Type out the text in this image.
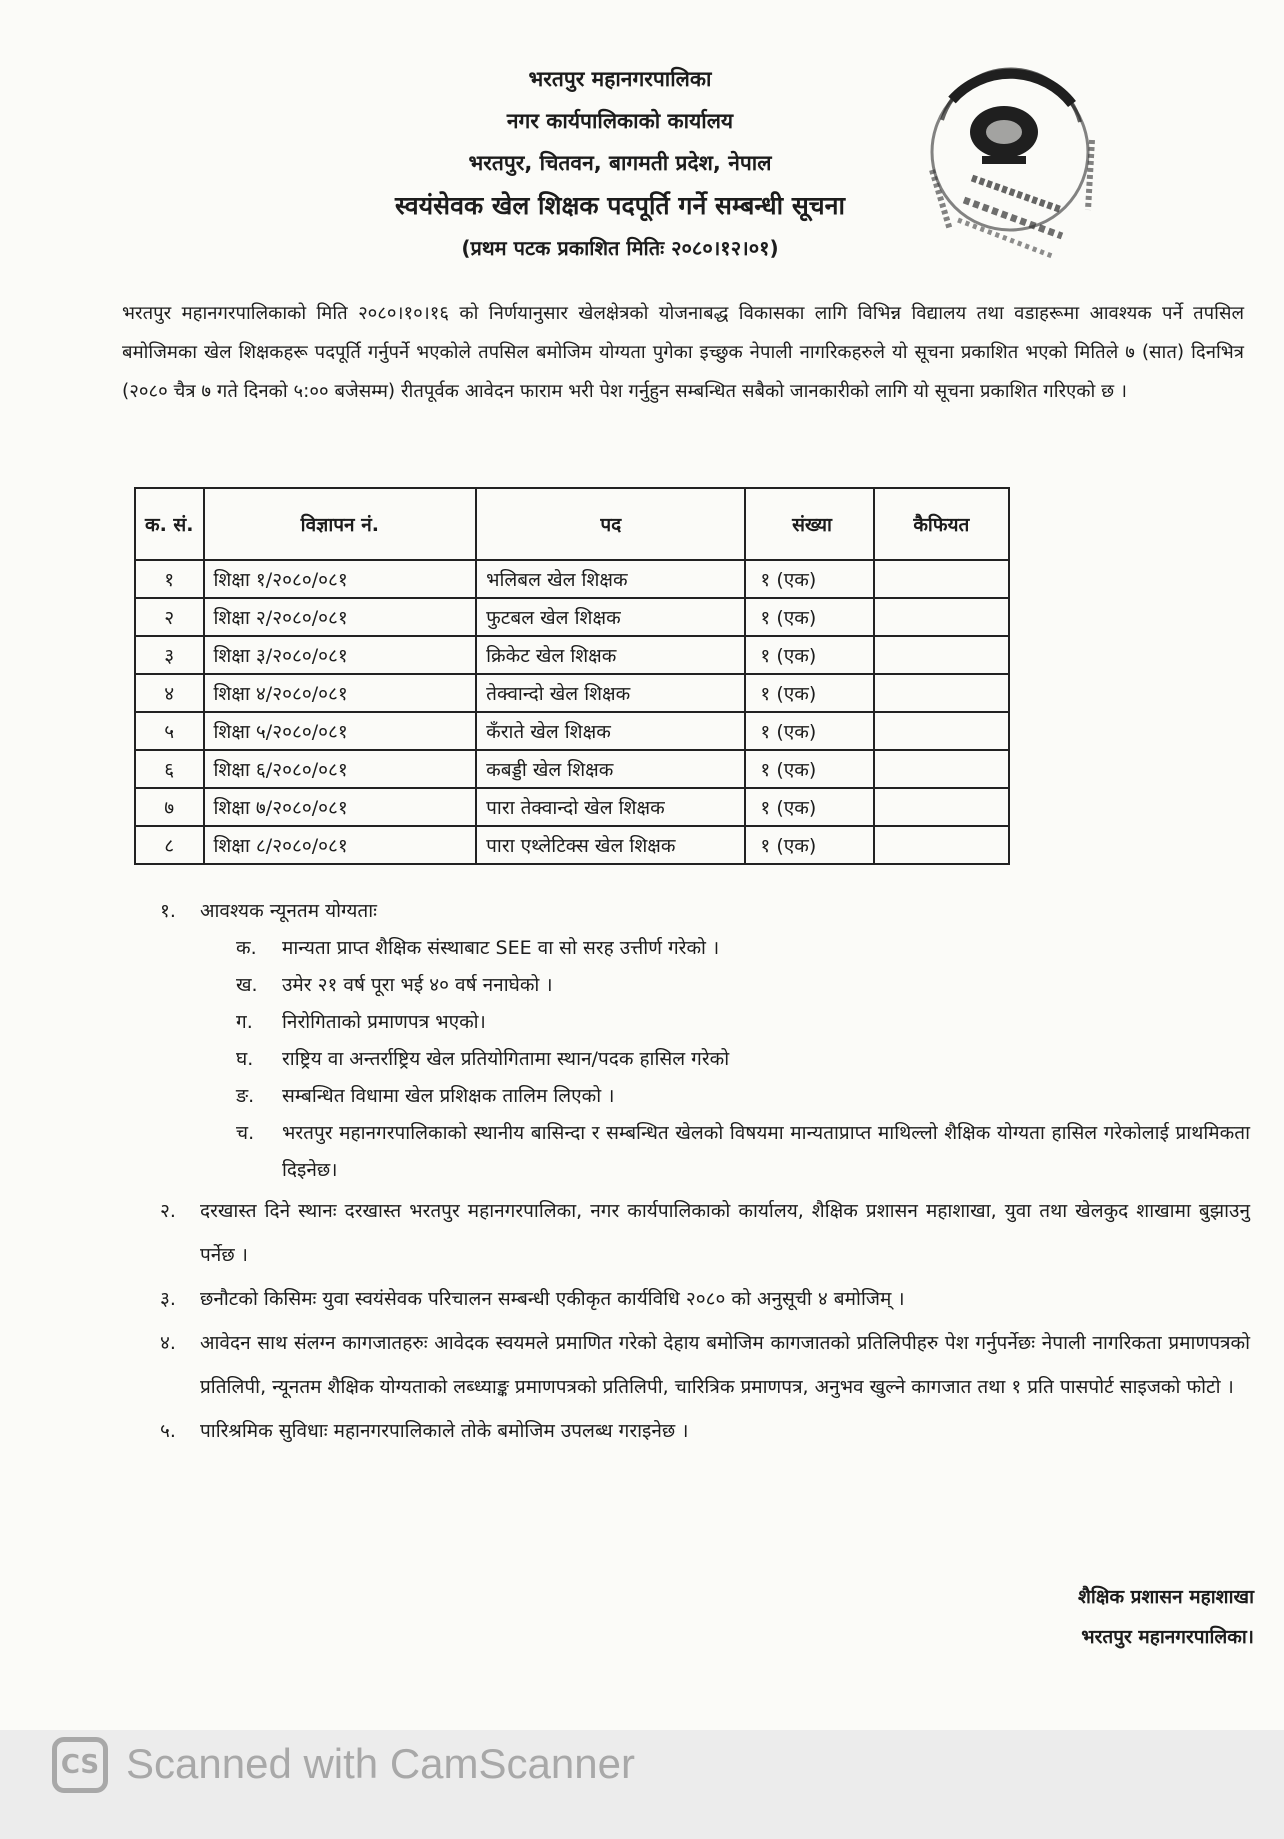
भरतपुर महानगरपालिका
नगर कार्यपालिकाको कार्यालय
भरतपुर, चितवन, बागमती प्रदेश, नेपाल
स्वयंसेवक खेल शिक्षक पदपूर्ति गर्ने सम्बन्धी सूचना
(प्रथम पटक प्रकाशित मितिः २०८०।१२।०१)

भरतपुर महानगरपालिकाको मिति २०८०।१०।१६ को निर्णयानुसार खेलक्षेत्रको योजनाबद्ध विकासका लागि विभिन्न विद्यालय तथा वडाहरूमा आवश्यक पर्ने तपसिल बमोजिमका खेल शिक्षकहरू पदपूर्ति गर्नुपर्ने भएकोले तपसिल बमोजिम योग्यता पुगेका इच्छुक नेपाली नागरिकहरुले यो सूचना प्रकाशित भएको मितिले ७ (सात) दिनभित्र (२०८० चैत्र ७ गते दिनको ५:०० बजेसम्म) रीतपूर्वक आवेदन फाराम भरी पेश गर्नुहुन सम्बन्धित सबैको जानकारीको लागि यो सूचना प्रकाशित गरिएको छ ।

क. सं.	विज्ञापन नं.	पद	संख्या	कैफियत
१	शिक्षा १/२०८०/०८१	भलिबल खेल शिक्षक	१ (एक)	
२	शिक्षा २/२०८०/०८१	फुटबल खेल शिक्षक	१ (एक)	
३	शिक्षा ३/२०८०/०८१	क्रिकेट खेल शिक्षक	१ (एक)	
४	शिक्षा ४/२०८०/०८१	तेक्वान्दो खेल शिक्षक	१ (एक)	
५	शिक्षा ५/२०८०/०८१	कँराते खेल शिक्षक	१ (एक)	
६	शिक्षा ६/२०८०/०८१	कबड्डी खेल शिक्षक	१ (एक)	
७	शिक्षा ७/२०८०/०८१	पारा तेक्वान्दो खेल शिक्षक	१ (एक)	
८	शिक्षा ८/२०८०/०८१	पारा एथ्लेटिक्स खेल शिक्षक	१ (एक)	
१.	आवश्यक न्यूनतम योग्यताः
क.	मान्यता प्राप्त शैक्षिक संस्थाबाट SEE वा सो सरह उत्तीर्ण गरेको ।
ख.	उमेर २१ वर्ष पूरा भई ४० वर्ष ननाघेको ।
ग.	निरोगिताको प्रमाणपत्र भएको।
घ.	राष्ट्रिय वा अन्तर्राष्ट्रिय खेल प्रतियोगितामा स्थान/पदक हासिल गरेको
ङ.	सम्बन्धित विधामा खेल प्रशिक्षक तालिम लिएको ।
च.	भरतपुर महानगरपालिकाको स्थानीय बासिन्दा र सम्बन्धित खेलको विषयमा मान्यताप्राप्त माथिल्लो शैक्षिक योग्यता हासिल गरेकोलाई प्राथमिकता दिइनेछ।
२.	दरखास्त दिने स्थानः दरखास्त भरतपुर महानगरपालिका, नगर कार्यपालिकाको कार्यालय, शैक्षिक प्रशासन महाशाखा, युवा तथा खेलकुद शाखामा बुझाउनु पर्नेछ ।
३.	छनौटको किसिमः युवा स्वयंसेवक परिचालन सम्बन्धी एकीकृत कार्यविधि २०८० को अनुसूची ४ बमोजिम् ।
४.	आवेदन साथ संलग्न कागजातहरुः आवेदक स्वयमले प्रमाणित गरेको देहाय बमोजिम कागजातको प्रतिलिपीहरु पेश गर्नुपर्नेछः नेपाली नागरिकता प्रमाणपत्रको प्रतिलिपी, न्यूनतम शैक्षिक योग्यताको लब्ध्याङ्क प्रमाणपत्रको प्रतिलिपी, चारित्रिक प्रमाणपत्र, अनुभव खुल्ने कागजात तथा १ प्रति पासपोर्ट साइजको फोटो ।
५.	पारिश्रमिक सुविधाः महानगरपालिकाले तोके बमोजिम उपलब्ध गराइनेछ ।
शैक्षिक प्रशासन महाशाखा
भरतपुर महानगरपालिका।
CS Scanned with CamScanner
